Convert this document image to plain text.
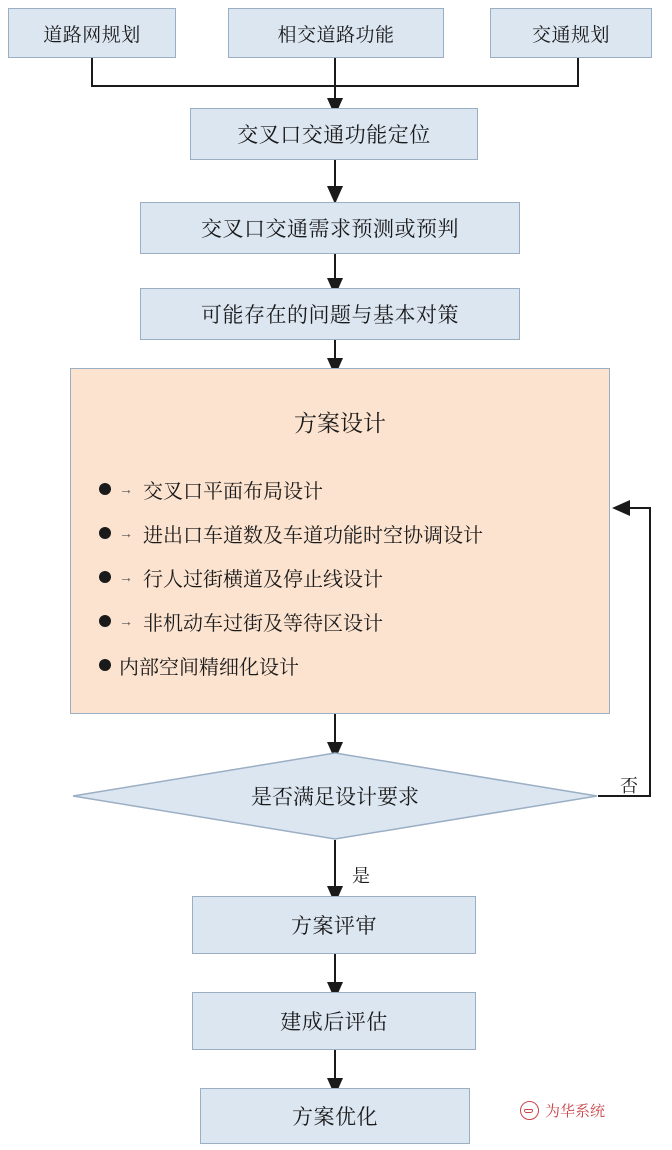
道路网规划	相交道路功能	交通规划
交叉口交通功能定位
交叉口交通需求预测或预判
可能存在的问题与基本对策
方案设计
→ 交叉口平面布局设计
→ 进出口车道数及车道功能时空协调设计
→ 行人过街横道及停止线设计
→ 非机动车过街及等待区设计
内部空间精细化设计
是否满足设计要求
是
否
方案评审
建成后评估
方案优化	为华系统
